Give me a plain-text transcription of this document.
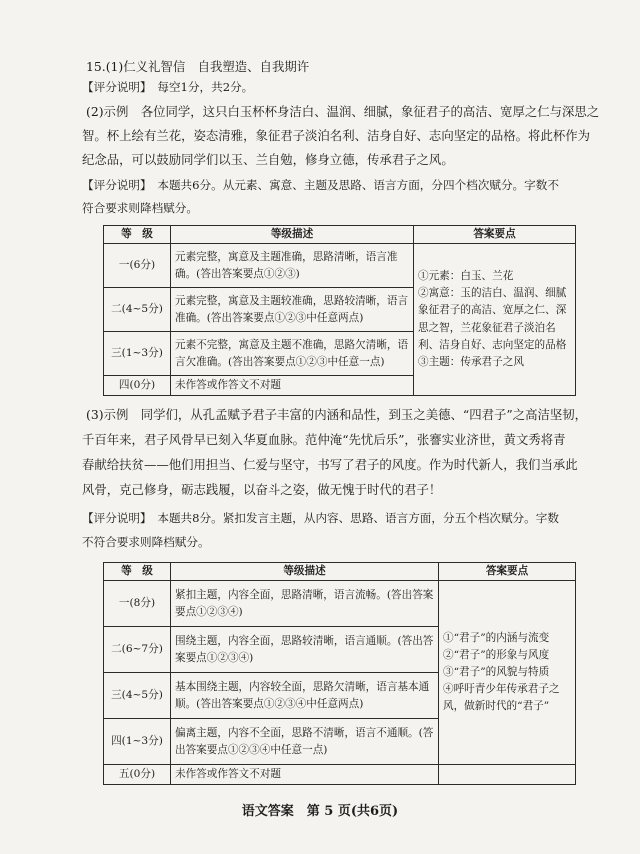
15.(1)仁义礼智信　自我塑造、自我期许
【评分说明】　每空1分，共2分。
(2)示例　各位同学，这只白玉杯杯身洁白、温润、细腻，象征君子的高洁、宽厚之仁与深思之
智。杯上绘有兰花，姿态清雅，象征君子淡泊名利、洁身自好、志向坚定的品格。将此杯作为
纪念品，可以鼓励同学们以玉、兰自勉，修身立德，传承君子之风。
【评分说明】　本题共6分。从元素、寓意、主题及思路、语言方面，分四个档次赋分。字数不
符合要求则降档赋分。
等　级	等级描述	答案要点
一(6分)	元素完整，寓意及主题准确，思路清晰，语言准确。(答出答案要点①②③)	①元素：白玉、兰花
②寓意：玉的洁白、温润、细腻象征君子的高洁、宽厚之仁、深思之智，兰花象征君子淡泊名利、洁身自好、志向坚定的品格
③主题：传承君子之风

二(4~5分)	元素完整，寓意及主题较准确，思路较清晰，语言准确。(答出答案要点①②③中任意两点)	
三(1~3分)	元素不完整，寓意及主题不准确，思路欠清晰，语言欠准确。(答出答案要点①②③中任意一点)	
四(0分)	未作答或作答文不对题	
(3)示例　同学们，从孔孟赋予君子丰富的内涵和品性，到玉之美德、“四君子”之高洁坚韧，
千百年来，君子风骨早已刻入华夏血脉。范仲淹“先忧后乐”，张謇实业济世，黄文秀将青
春献给扶贫——他们用担当、仁爱与坚守，书写了君子的风度。作为时代新人，我们当承此
风骨，克己修身，砺志践履，以奋斗之姿，做无愧于时代的君子！
【评分说明】　本题共8分。紧扣发言主题，从内容、思路、语言方面，分五个档次赋分。字数
不符合要求则降档赋分。
等　级	等级描述	答案要点
一(8分)	紧扣主题，内容全面，思路清晰，语言流畅。(答出答案要点①②③④)	①“君子”的内涵与流变
②“君子”的形象与风度
③“君子”的风貌与特质
④呼吁青少年传承君子之风，做新时代的“君子”

二(6~7分)	围绕主题，内容全面，思路较清晰，语言通顺。(答出答案要点①②③④)	
三(4~5分)	基本围绕主题，内容较全面，思路欠清晰，语言基本通顺。(答出答案要点①②③④中任意两点)	
四(1~3分)	偏离主题，内容不全面，思路不清晰，语言不通顺。(答出答案要点①②③④中任意一点)	
五(0分)	未作答或作答文不对题	
语文答案　第 5 页(共6页)
